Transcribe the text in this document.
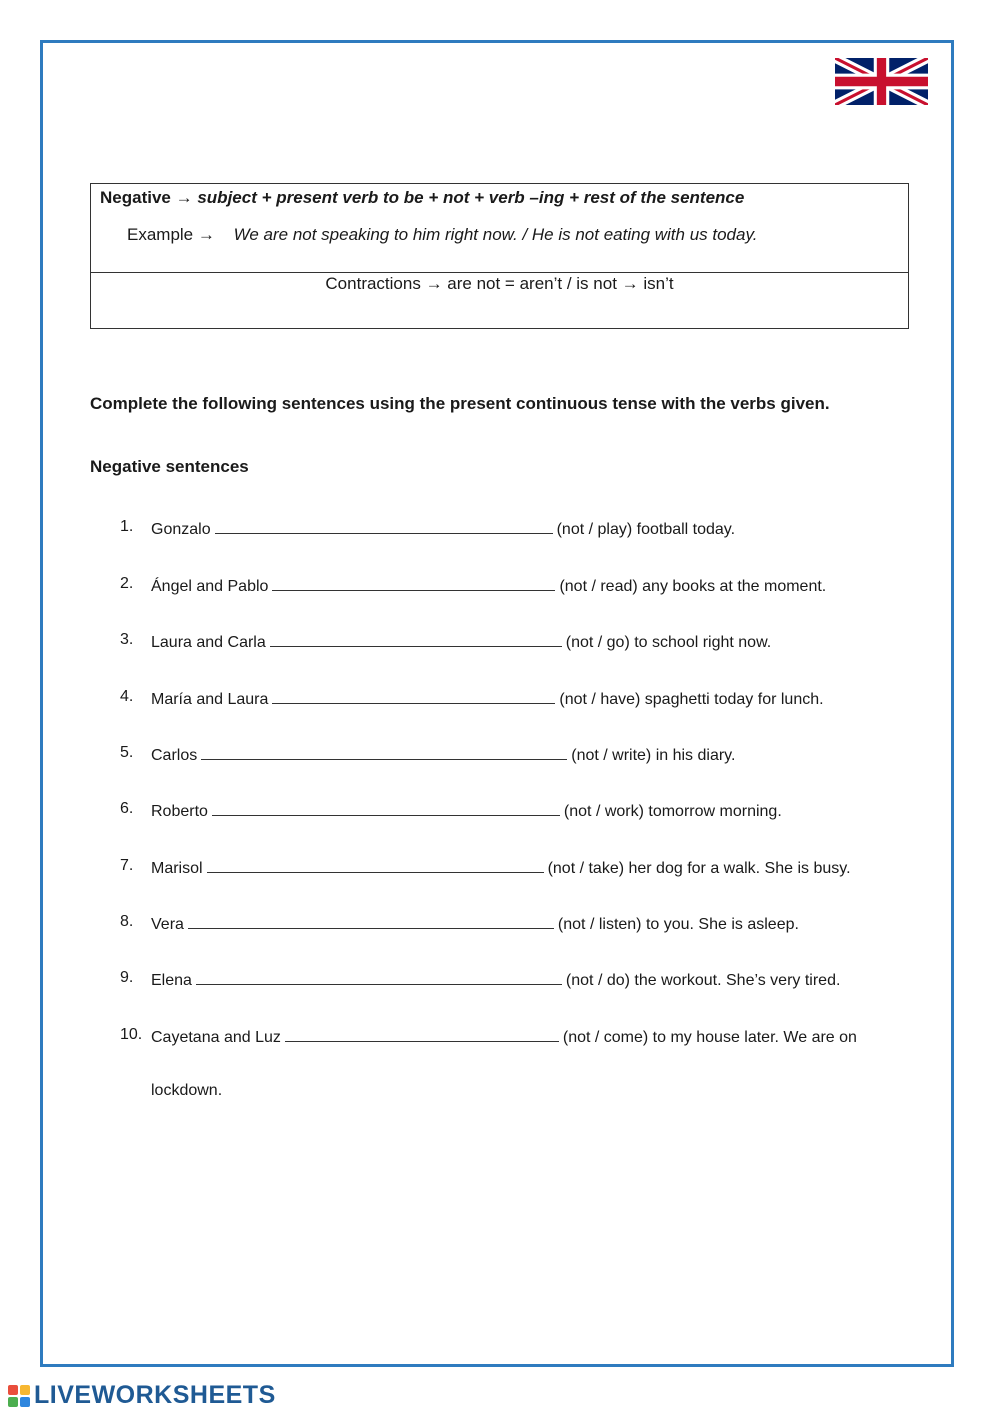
Negative → subject + present verb to be + not + verb –ing + rest of the sentence
Example → We are not speaking to him right now. / He is not eating with us today.
Contractions → are not = aren’t / is not → isn’t
Complete the following sentences using the present continuous tense with the verbs given.
Negative sentences
1. Gonzalo	(not / play) football today.
2. Ángel and Pablo	(not / read) any books at the moment.
3. Laura and Carla	(not / go) to school right now.
4. María and Laura	(not / have) spaghetti today for lunch.
5. Carlos	(not / write) in his diary.
6. Roberto	(not / work) tomorrow morning.
7. Marisol	(not / take) her dog for a walk. She is busy.
8. Vera	(not / listen) to you. She is asleep.
9. Elena	(not / do) the workout. She’s very tired.
10. Cayetana and Luz	(not / come) to my house later. We are on
lockdown.
LIVEWORKSHEETS
